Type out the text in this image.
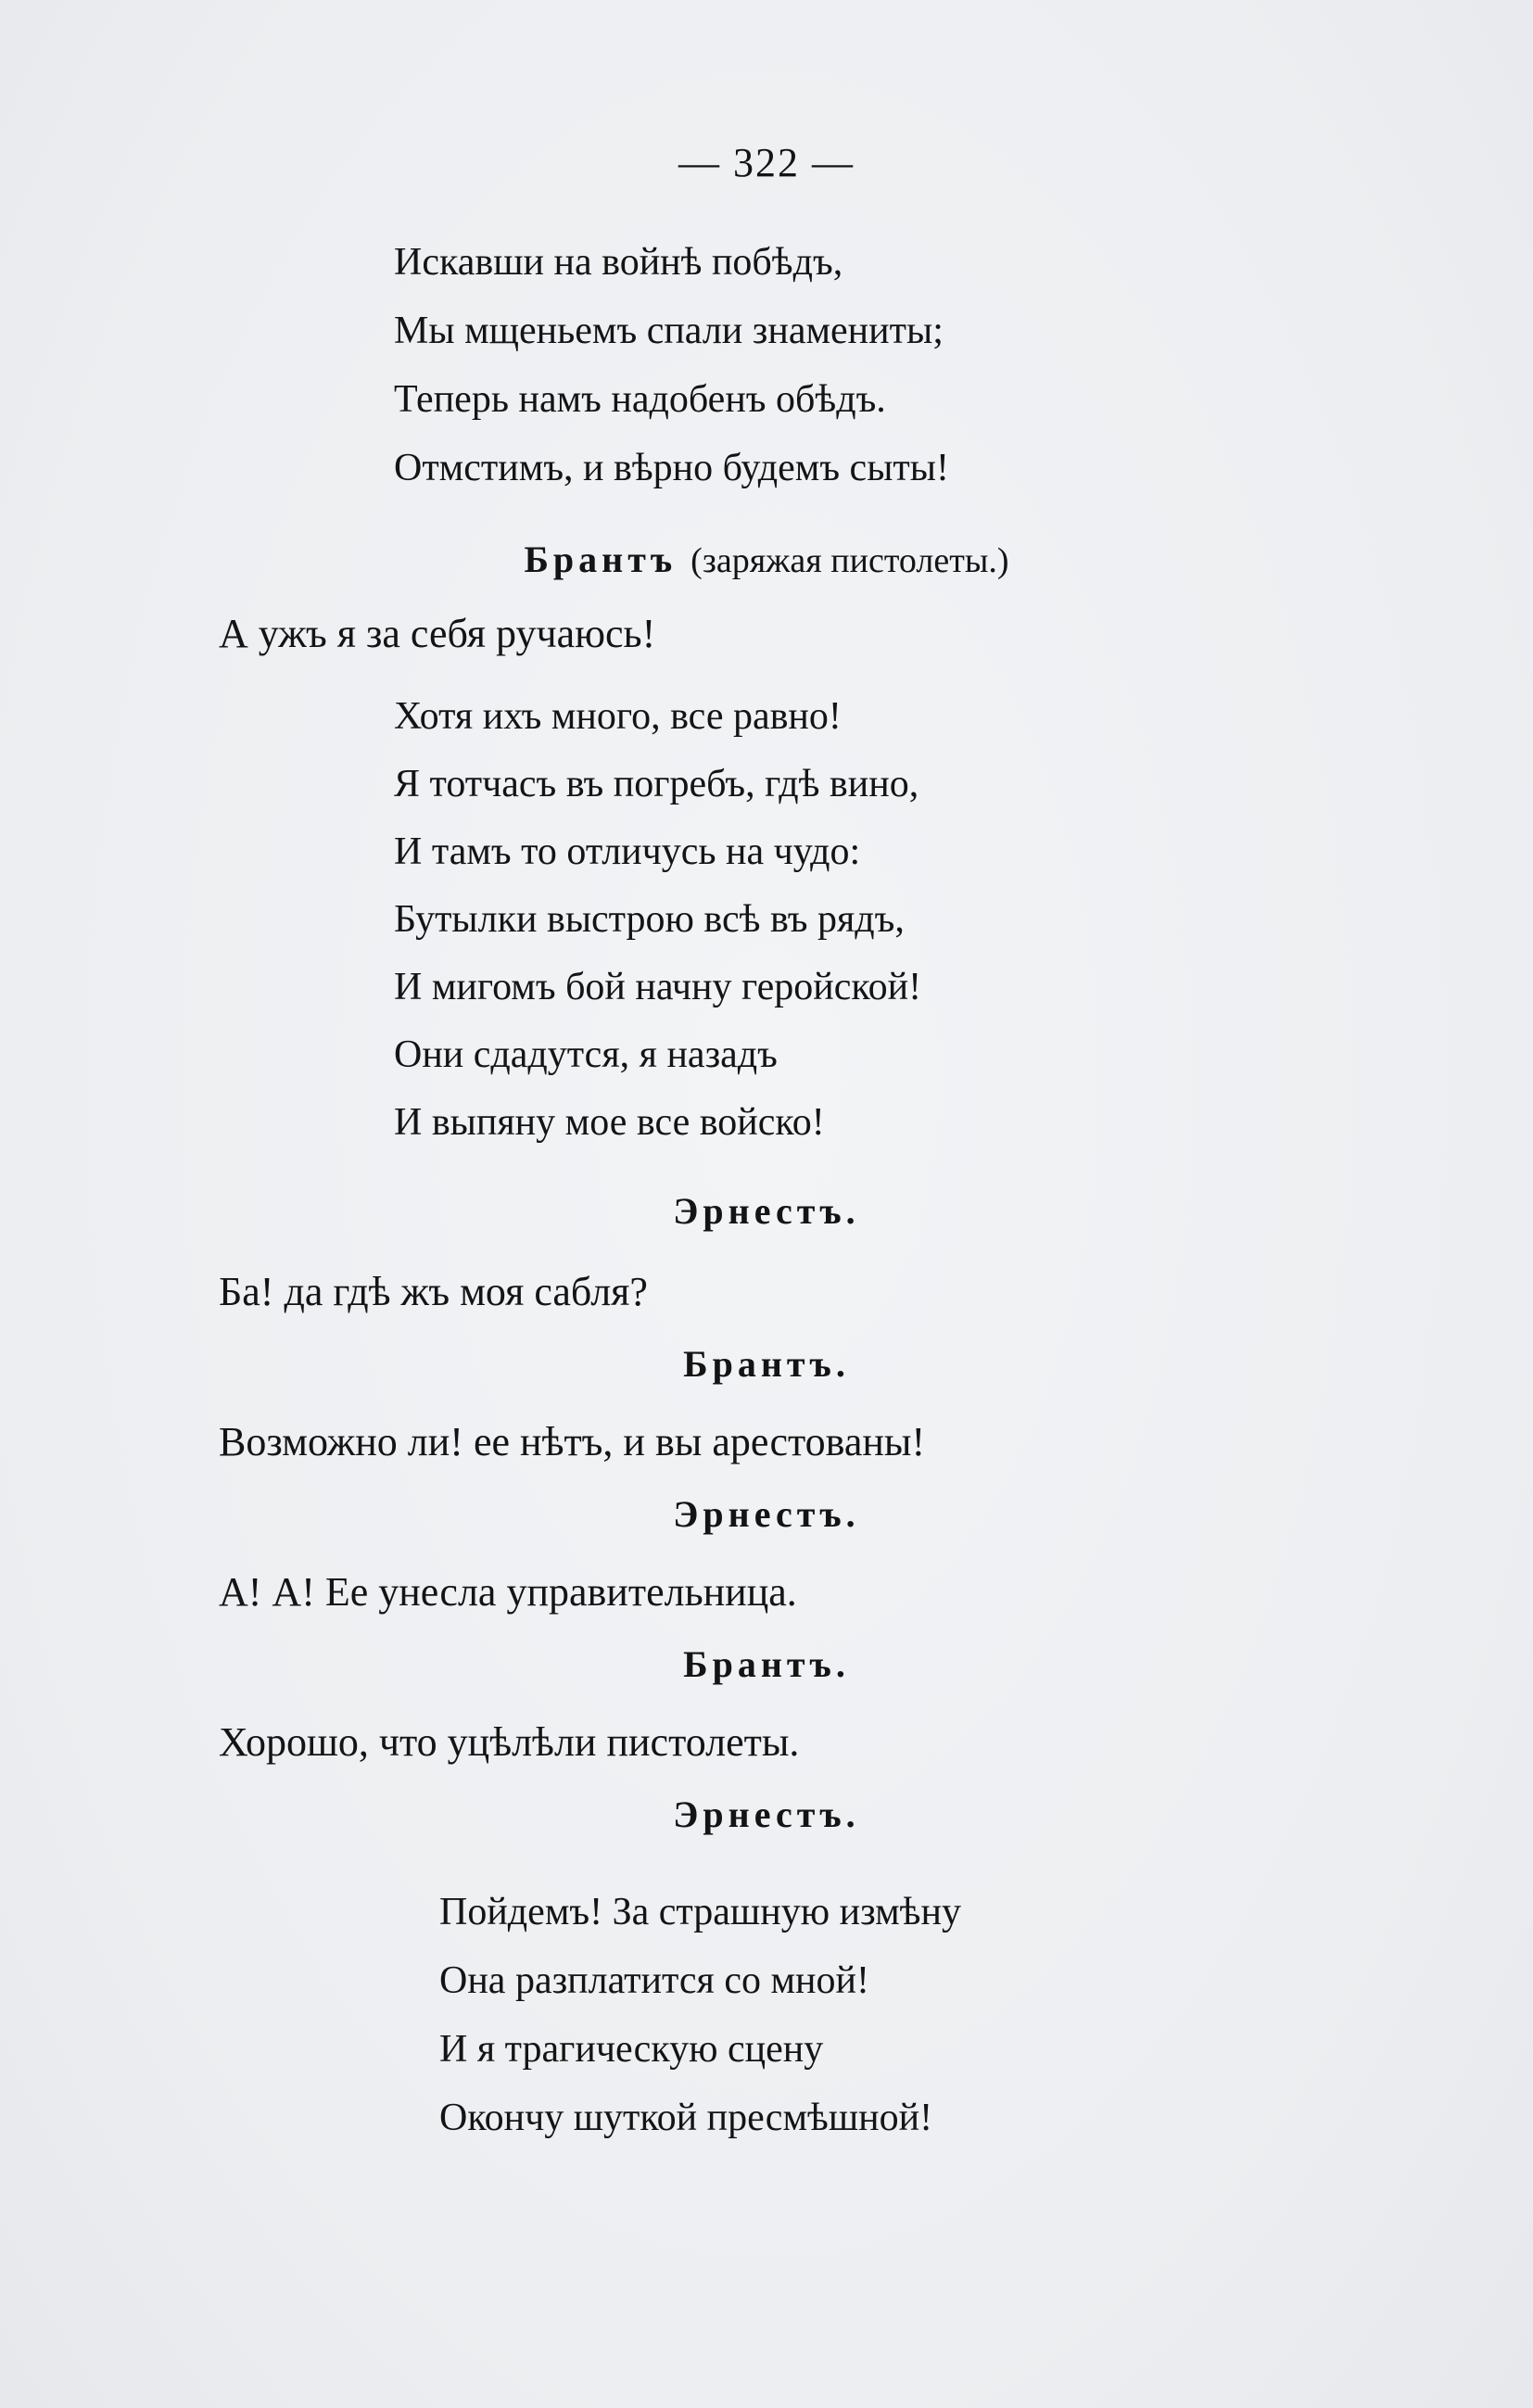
— 322 —
Искавши на войнѣ побѣдъ,
Мы мщеньемъ спали знамениты;
Теперь намъ надобенъ обѣдъ.
Отмстимъ, и вѣрно будемъ сыты!
Брантъ (заряжая пистолеты.)
А ужъ я за себя ручаюсь!
Хотя ихъ много, все равно!
Я тотчасъ въ погребъ, гдѣ вино,
И тамъ то отличусь на чудо:
Бутылки выстрою всѣ въ рядъ,
И мигомъ бой начну геройской!
Они сдадутся, я назадъ
И выпяну мое все войско!
Эрнестъ.
Ба! да гдѣ жъ моя сабля?
Брантъ.
Возможно ли! ее нѣтъ, и вы арестованы!
Эрнестъ.
А! А! Ее унесла управительница.
Брантъ.
Хорошо, что уцѣлѣли пистолеты.
Эрнестъ.
Пойдемъ! За страшную измѣну
Она разплатится со мной!
И я трагическую сцену
Окончу шуткой пресмѣшной!
